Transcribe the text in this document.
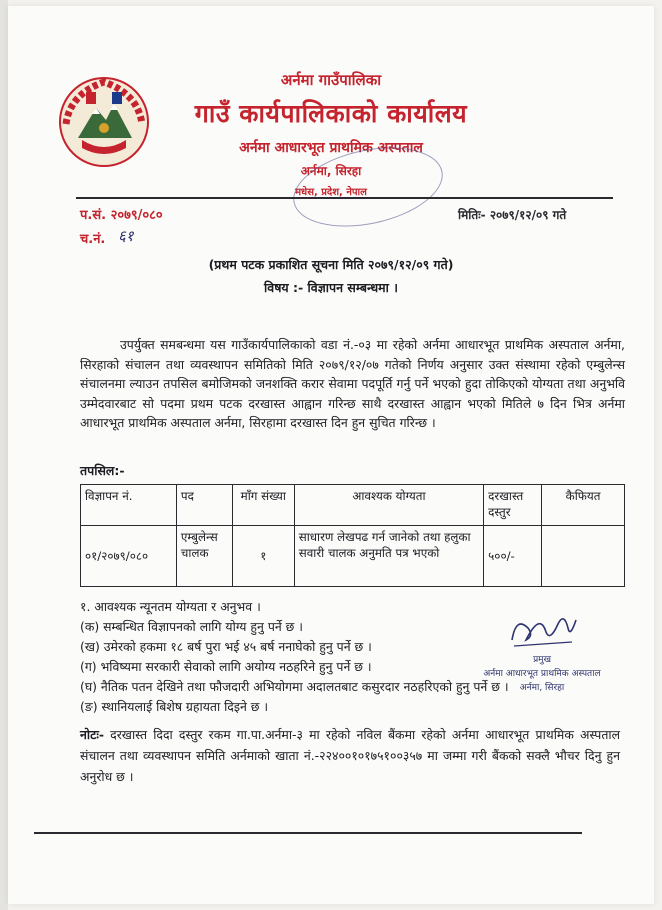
अर्नमा गाउँपालिका
गाउँ कार्यपालिकाको कार्यालय
अर्नमा आधारभूत प्राथमिक अस्पताल
अर्नमा, सिरहा
मधेस, प्रदेश, नेपाल
प.सं. २०७९/०८०
च.नं. ६१
मितिः- २०७९/१२/०९ गते
(प्रथम पटक प्रकाशित सूचना मिति २०७९/१२/०९ गते)
विषय :- विज्ञापन सम्बन्धमा ।
उपर्युक्त समबन्धमा यस गाउँकार्यपालिकाको वडा नं.-०३ मा रहेको अर्नमा आधारभूत प्राथमिक अस्पताल अर्नमा, सिरहाको संचालन तथा व्यवस्थापन समितिको मिति २०७९/१२/०७ गतेको निर्णय अनुसार उक्त संस्थामा रहेको एम्बुलेन्स संचालनमा ल्याउन तपसिल बमोजिमको जनशक्ति करार सेवामा पदपूर्ति गर्नु पर्ने भएको हुदा तोकिएको योग्यता तथा अनुभवि उम्मेदवारबाट सो पदमा प्रथम पटक दरखास्त आह्वान गरिन्छ साथै दरखास्त आह्वान भएको मितिले ७ दिन भित्र अर्नमा आधारभूत प्राथमिक अस्पताल अर्नमा, सिरहामा दरखास्त दिन हुन सुचित गरिन्छ ।
तपसिल:-
विज्ञापन नं.	पद	माँग संख्या	आवश्यक योग्यता	दरखास्त दस्तुर	कैफियत
०१/२०७९/०८०	एम्बुलेन्स चालक	१	साधारण लेखपढ गर्न जानेको तथा हलुका सवारी चालक अनुमति पत्र भएको	५००/-	
१. आवश्यक न्यूनतम योग्यता र अनुभव ।
(क) सम्बन्धित विज्ञापनको लागि योग्य हुनु पर्ने छ ।
(ख) उमेरको हकमा १८ बर्ष पुरा भई ४५ बर्ष ननाघेको हुनु पर्ने छ ।
(ग) भविष्यमा सरकारी सेवाको लागि अयोग्य नठहरिने हुनु पर्ने छ ।
(घ) नैतिक पतन देखिने तथा फौजदारी अभियोगमा अदालतबाट कसुरदार नठहरिएको हुनु पर्ने छ ।
(ङ) स्थानियलाई बिशेष ग्रहायता दिइने छ ।
प्रमुख
अर्नमा आधारभूत प्राथमिक अस्पताल
अर्नमा, सिरहा
नोटः- दरखास्त दिदा दस्तुर रकम गा.पा.अर्नमा-३ मा रहेको नविल बैंकमा रहेको अर्नमा आधारभूत प्राथमिक अस्पताल संचालन तथा व्यवस्थापन समिति अर्नमाको खाता नं.-२२४००१०१७५१००३५७ मा जम्मा गरी बैंकको सक्लै भौचर दिनु हुन अनुरोध छ ।
